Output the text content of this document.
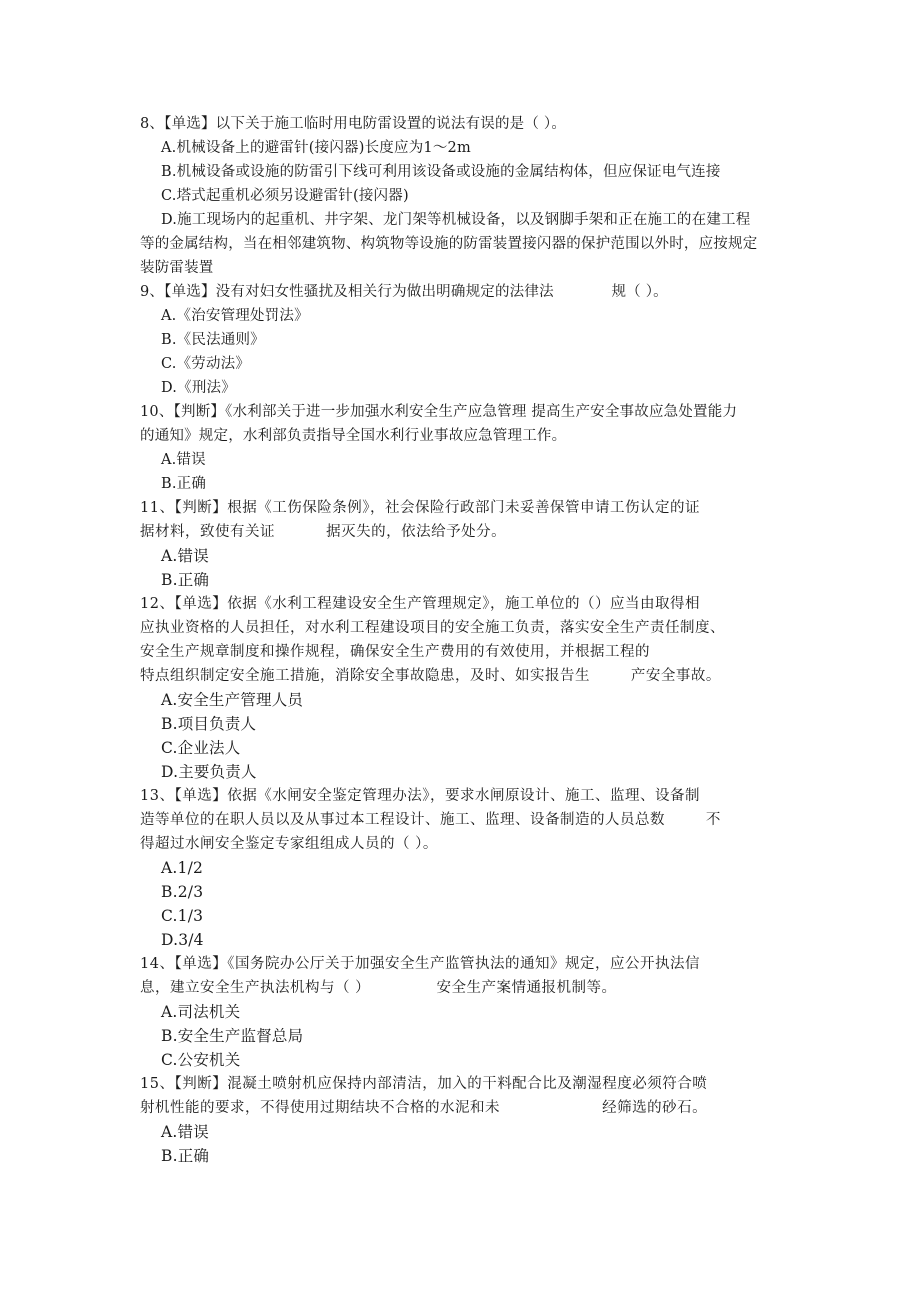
8、【单选】以下关于施工临时用电防雷设置的说法有误的是（ ）。
A.机械设备上的避雷针(接闪器)长度应为1～2m
B.机械设备或设施的防雷引下线可利用该设备或设施的金属结构体，但应保证电气连接
C.塔式起重机必须另设避雷针(接闪器)
D.施工现场内的起重机、井字架、龙门架等机械设备，以及钢脚手架和正在施工的在建工程
等的金属结构，当在相邻建筑物、构筑物等设施的防雷装置接闪器的保护范围以外时，应按规定
装防雷装置
9、【单选】没有对妇女性骚扰及相关行为做出明确规定的法律法            规（ ）。
A.《治安管理处罚法》
B.《民法通则》
C.《劳动法》
D.《刑法》
10、【判断】《水利部关于进一步加强水利安全生产应急管理 提高生产安全事故应急处置能力
的通知》规定，水利部负责指导全国水利行业事故应急管理工作。
A.错误
B.正确
11、【判断】根据《工伤保险条例》，社会保险行政部门未妥善保管申请工伤认定的证
据材料，致使有关证          据灭失的，依法给予处分。
A.错误
B.正确
12、【单选】依据《水利工程建设安全生产管理规定》，施工单位的（）应当由取得相
应执业资格的人员担任，对水利工程建设项目的安全施工负责，落实安全生产责任制度、
安全生产规章制度和操作规程，确保安全生产费用的有效使用，并根据工程的
特点组织制定安全施工措施，消除安全事故隐患，及时、如实报告生        产安全事故。
A.安全生产管理人员
B.项目负责人
C.企业法人
D.主要负责人
13、【单选】依据《水闸安全鉴定管理办法》，要求水闸原设计、施工、监理、设备制
造等单位的在职人员以及从事过本工程设计、施工、监理、设备制造的人员总数        不
得超过水闸安全鉴定专家组组成人员的（ ）。
A.1/2
B.2/3
C.1/3
D.3/4
14、【单选】《国务院办公厅关于加强安全生产监管执法的通知》规定，应公开执法信
息，建立安全生产执法机构与（ ）             安全生产案情通报机制等。
A.司法机关
B.安全生产监督总局
C.公安机关
15、【判断】混凝土喷射机应保持内部清洁，加入的干料配合比及潮湿程度必须符合喷
射机性能的要求，不得使用过期结块不合格的水泥和未                    经筛选的砂石。
A.错误
B.正确
